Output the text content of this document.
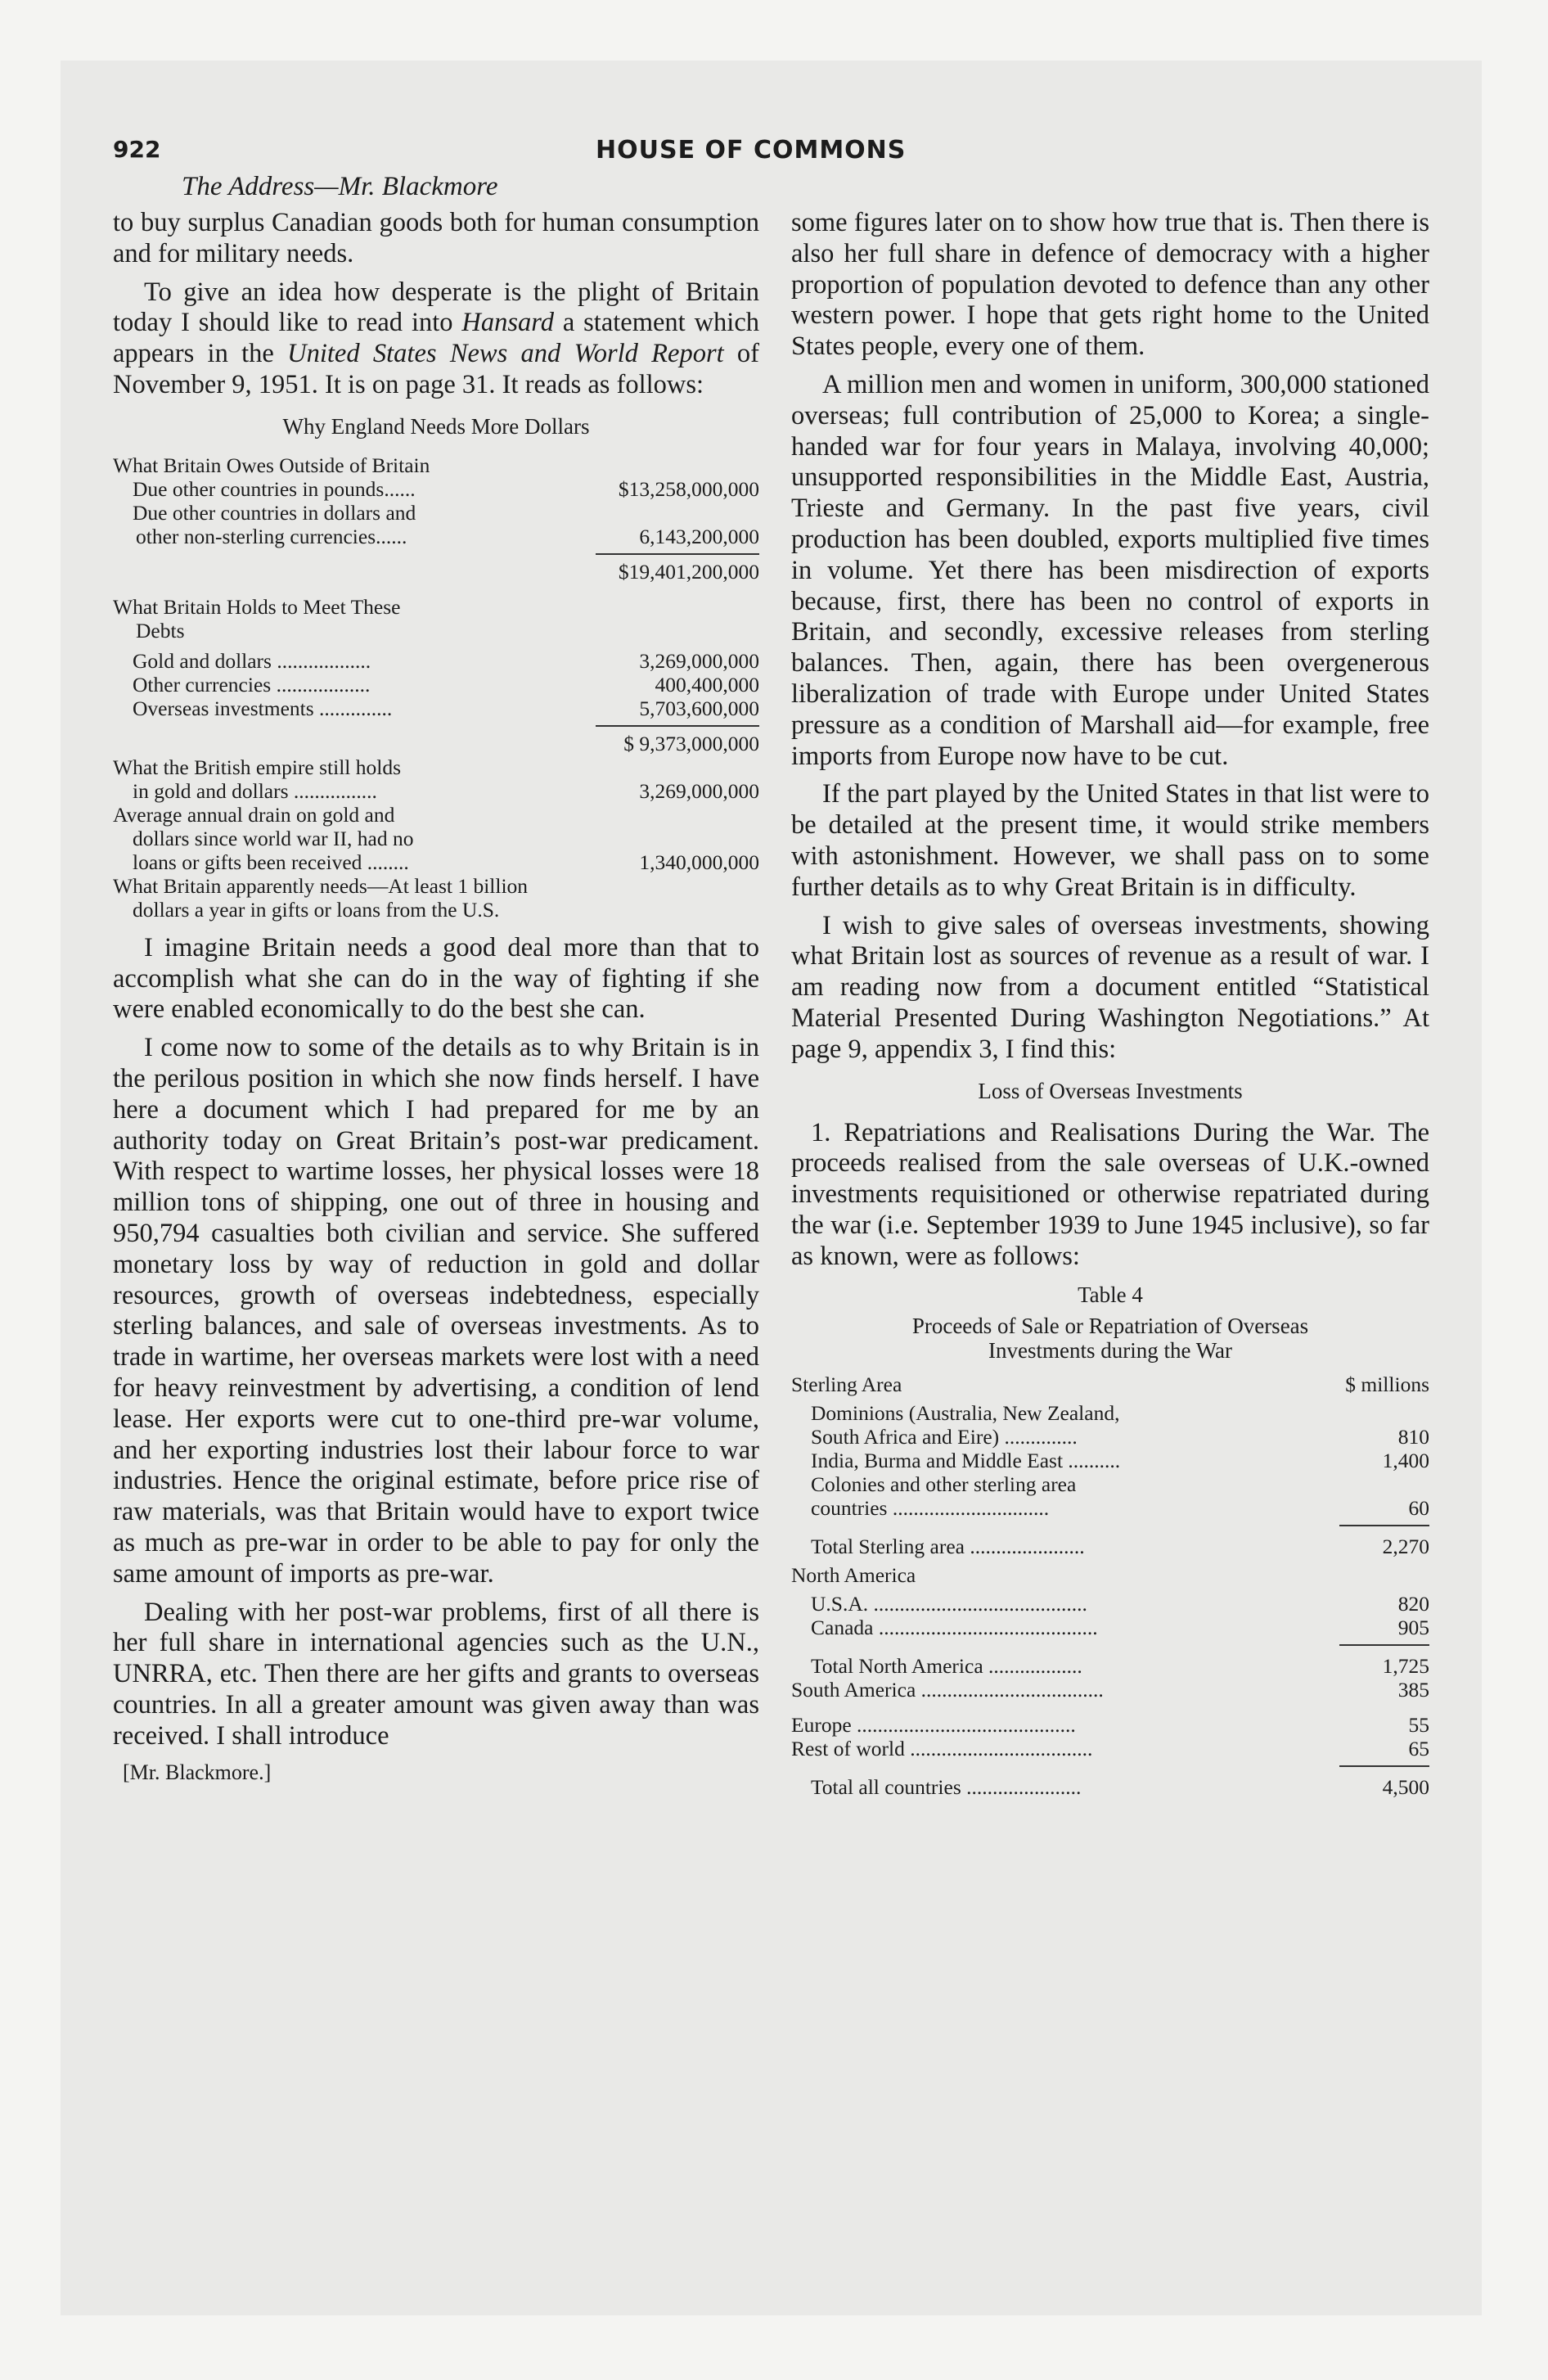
922	HOUSE OF COMMONS
The Address—Mr. Blackmore

to buy surplus Canadian goods both for human consumption and for military needs.

To give an idea how desperate is the plight of Britain today I should like to read into Hansard a statement which appears in the United States News and World Report of November 9, 1951. It is on page 31. It reads as follows:

Why England Needs More Dollars
What Britain Owes Outside of Britain
Due other countries in pounds......	$13,258,000,000
Due other countries in dollars and
other non-sterling currencies......	6,143,200,000
$19,401,200,000
What Britain Holds to Meet These
Debts
Gold and dollars ..................	3,269,000,000
Other currencies ..................	400,400,000
Overseas investments ..............	5,703,600,000
$ 9,373,000,000
What the British empire still holds
in gold and dollars ................	3,269,000,000
Average annual drain on gold and
dollars since world war II, had no
loans or gifts been received ........	1,340,000,000
What Britain apparently needs—At least 1 billion
dollars a year in gifts or loans from the U.S.

I imagine Britain needs a good deal more than that to accomplish what she can do in the way of fighting if she were enabled economically to do the best she can.

I come now to some of the details as to why Britain is in the perilous position in which she now finds herself. I have here a document which I had prepared for me by an authority today on Great Britain’s post-war predicament. With respect to wartime losses, her physical losses were 18 million tons of shipping, one out of three in housing and 950,794 casualties both civilian and service. She suffered monetary loss by way of reduction in gold and dollar resources, growth of overseas indebtedness, especially sterling balances, and sale of overseas investments. As to trade in wartime, her overseas markets were lost with a need for heavy reinvestment by advertising, a condition of lend lease. Her exports were cut to one-third pre-war volume, and her exporting industries lost their labour force to war industries. Hence the original estimate, before price rise of raw materials, was that Britain would have to export twice as much as pre-war in order to be able to pay for only the same amount of imports as pre-war.

Dealing with her post-war problems, first of all there is her full share in international agencies such as the U.N., UNRRA, etc. Then there are her gifts and grants to overseas countries. In all a greater amount was given away than was received. I shall introduce

[Mr. Blackmore.]

some figures later on to show how true that is. Then there is also her full share in defence of democracy with a higher proportion of population devoted to defence than any other western power. I hope that gets right home to the United States people, every one of them.

A million men and women in uniform, 300,000 stationed overseas; full contribution of 25,000 to Korea; a single-handed war for four years in Malaya, involving 40,000; unsupported responsibilities in the Middle East, Austria, Trieste and Germany. In the past five years, civil production has been doubled, exports multiplied five times in volume. Yet there has been misdirection of exports because, first, there has been no control of exports in Britain, and secondly, excessive releases from sterling balances. Then, again, there has been overgenerous liberalization of trade with Europe under United States pressure as a condition of Marshall aid—for example, free imports from Europe now have to be cut.

If the part played by the United States in that list were to be detailed at the present time, it would strike members with astonishment. However, we shall pass on to some further details as to why Great Britain is in difficulty.

I wish to give sales of overseas investments, showing what Britain lost as sources of revenue as a result of war. I am reading now from a document entitled “Statistical Material Presented During Washington Negotiations.” At page 9, appendix 3, I find this:

Loss of Overseas Investments

1. Repatriations and Realisations During the War. The proceeds realised from the sale overseas of U.K.-owned investments requisitioned or otherwise repatriated during the war (i.e. September 1939 to June 1945 inclusive), so far as known, were as follows:

Table 4
Proceeds of Sale or Repatriation of Overseas
Investments during the War
Sterling Area	$ millions
Dominions (Australia, New Zealand,
South Africa and Eire) ..............	810
India, Burma and Middle East ..........	1,400
Colonies and other sterling area
countries ..............................	60
Total Sterling area ......................	2,270
North America
U.S.A. .........................................	820
Canada ..........................................	905
Total North America ..................	1,725
South America ...................................	385
Europe ..........................................	55
Rest of world ...................................	65
Total all countries ......................	4,500
